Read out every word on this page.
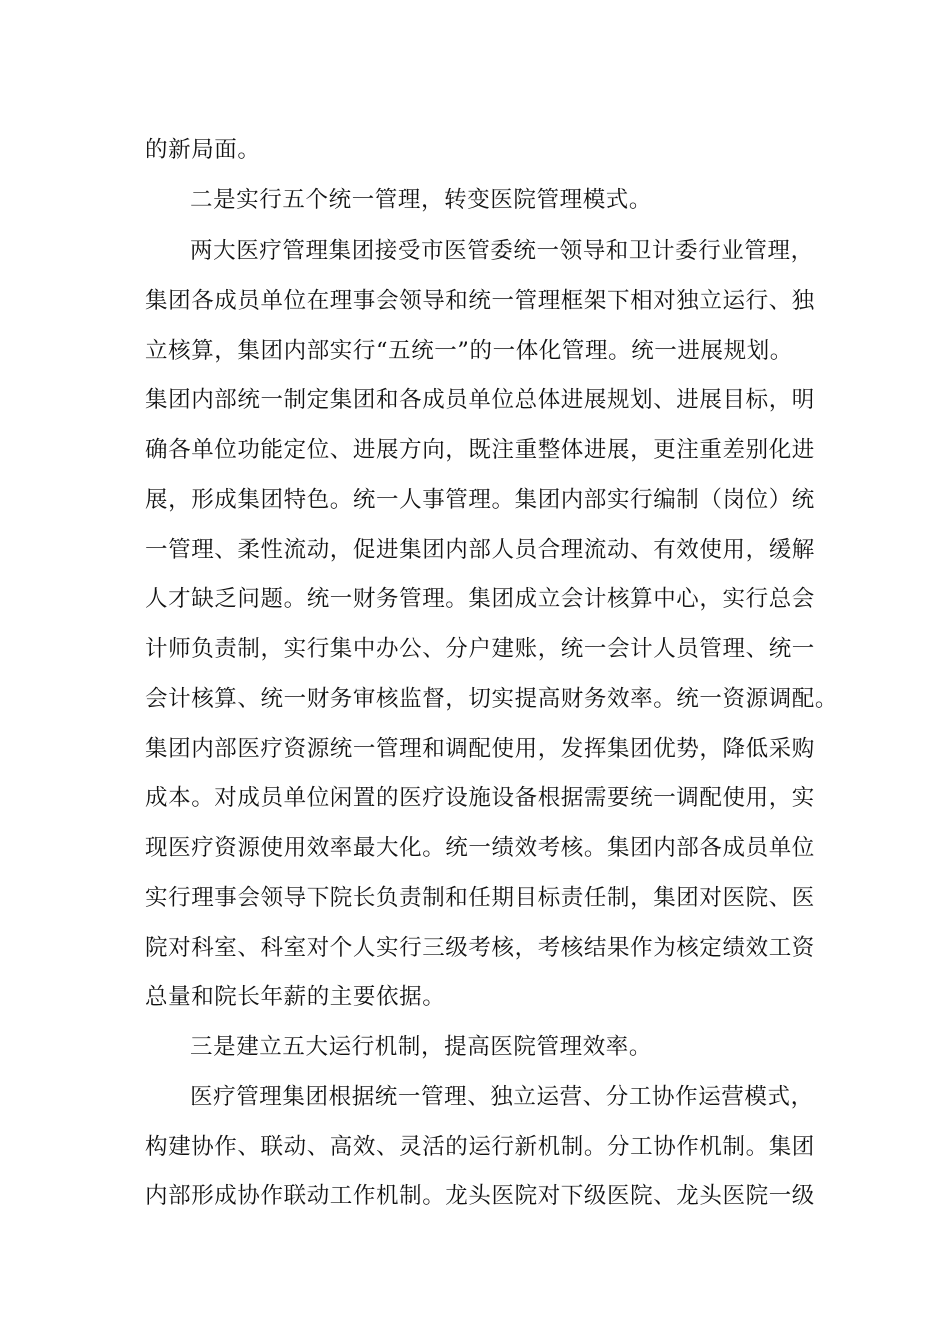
的新局面。
二是实行五个统一管理，转变医院管理模式。
两大医疗管理集团接受市医管委统一领导和卫计委行业管理，
集团各成员单位在理事会领导和统一管理框架下相对独立运行、独
立核算，集团内部实行“五统一”的一体化管理。统一进展规划。
集团内部统一制定集团和各成员单位总体进展规划、进展目标，明
确各单位功能定位、进展方向，既注重整体进展，更注重差别化进
展，形成集团特色。统一人事管理。集团内部实行编制（岗位）统
一管理、柔性流动，促进集团内部人员合理流动、有效使用，缓解
人才缺乏问题。统一财务管理。集团成立会计核算中心，实行总会
计师负责制，实行集中办公、分户建账，统一会计人员管理、统一
会计核算、统一财务审核监督，切实提高财务效率。统一资源调配。
集团内部医疗资源统一管理和调配使用，发挥集团优势，降低采购
成本。对成员单位闲置的医疗设施设备根据需要统一调配使用，实
现医疗资源使用效率最大化。统一绩效考核。集团内部各成员单位
实行理事会领导下院长负责制和任期目标责任制，集团对医院、医
院对科室、科室对个人实行三级考核，考核结果作为核定绩效工资
总量和院长年薪的主要依据。
三是建立五大运行机制，提高医院管理效率。
医疗管理集团根据统一管理、独立运营、分工协作运营模式，
构建协作、联动、高效、灵活的运行新机制。分工协作机制。集团
内部形成协作联动工作机制。龙头医院对下级医院、龙头医院一级
